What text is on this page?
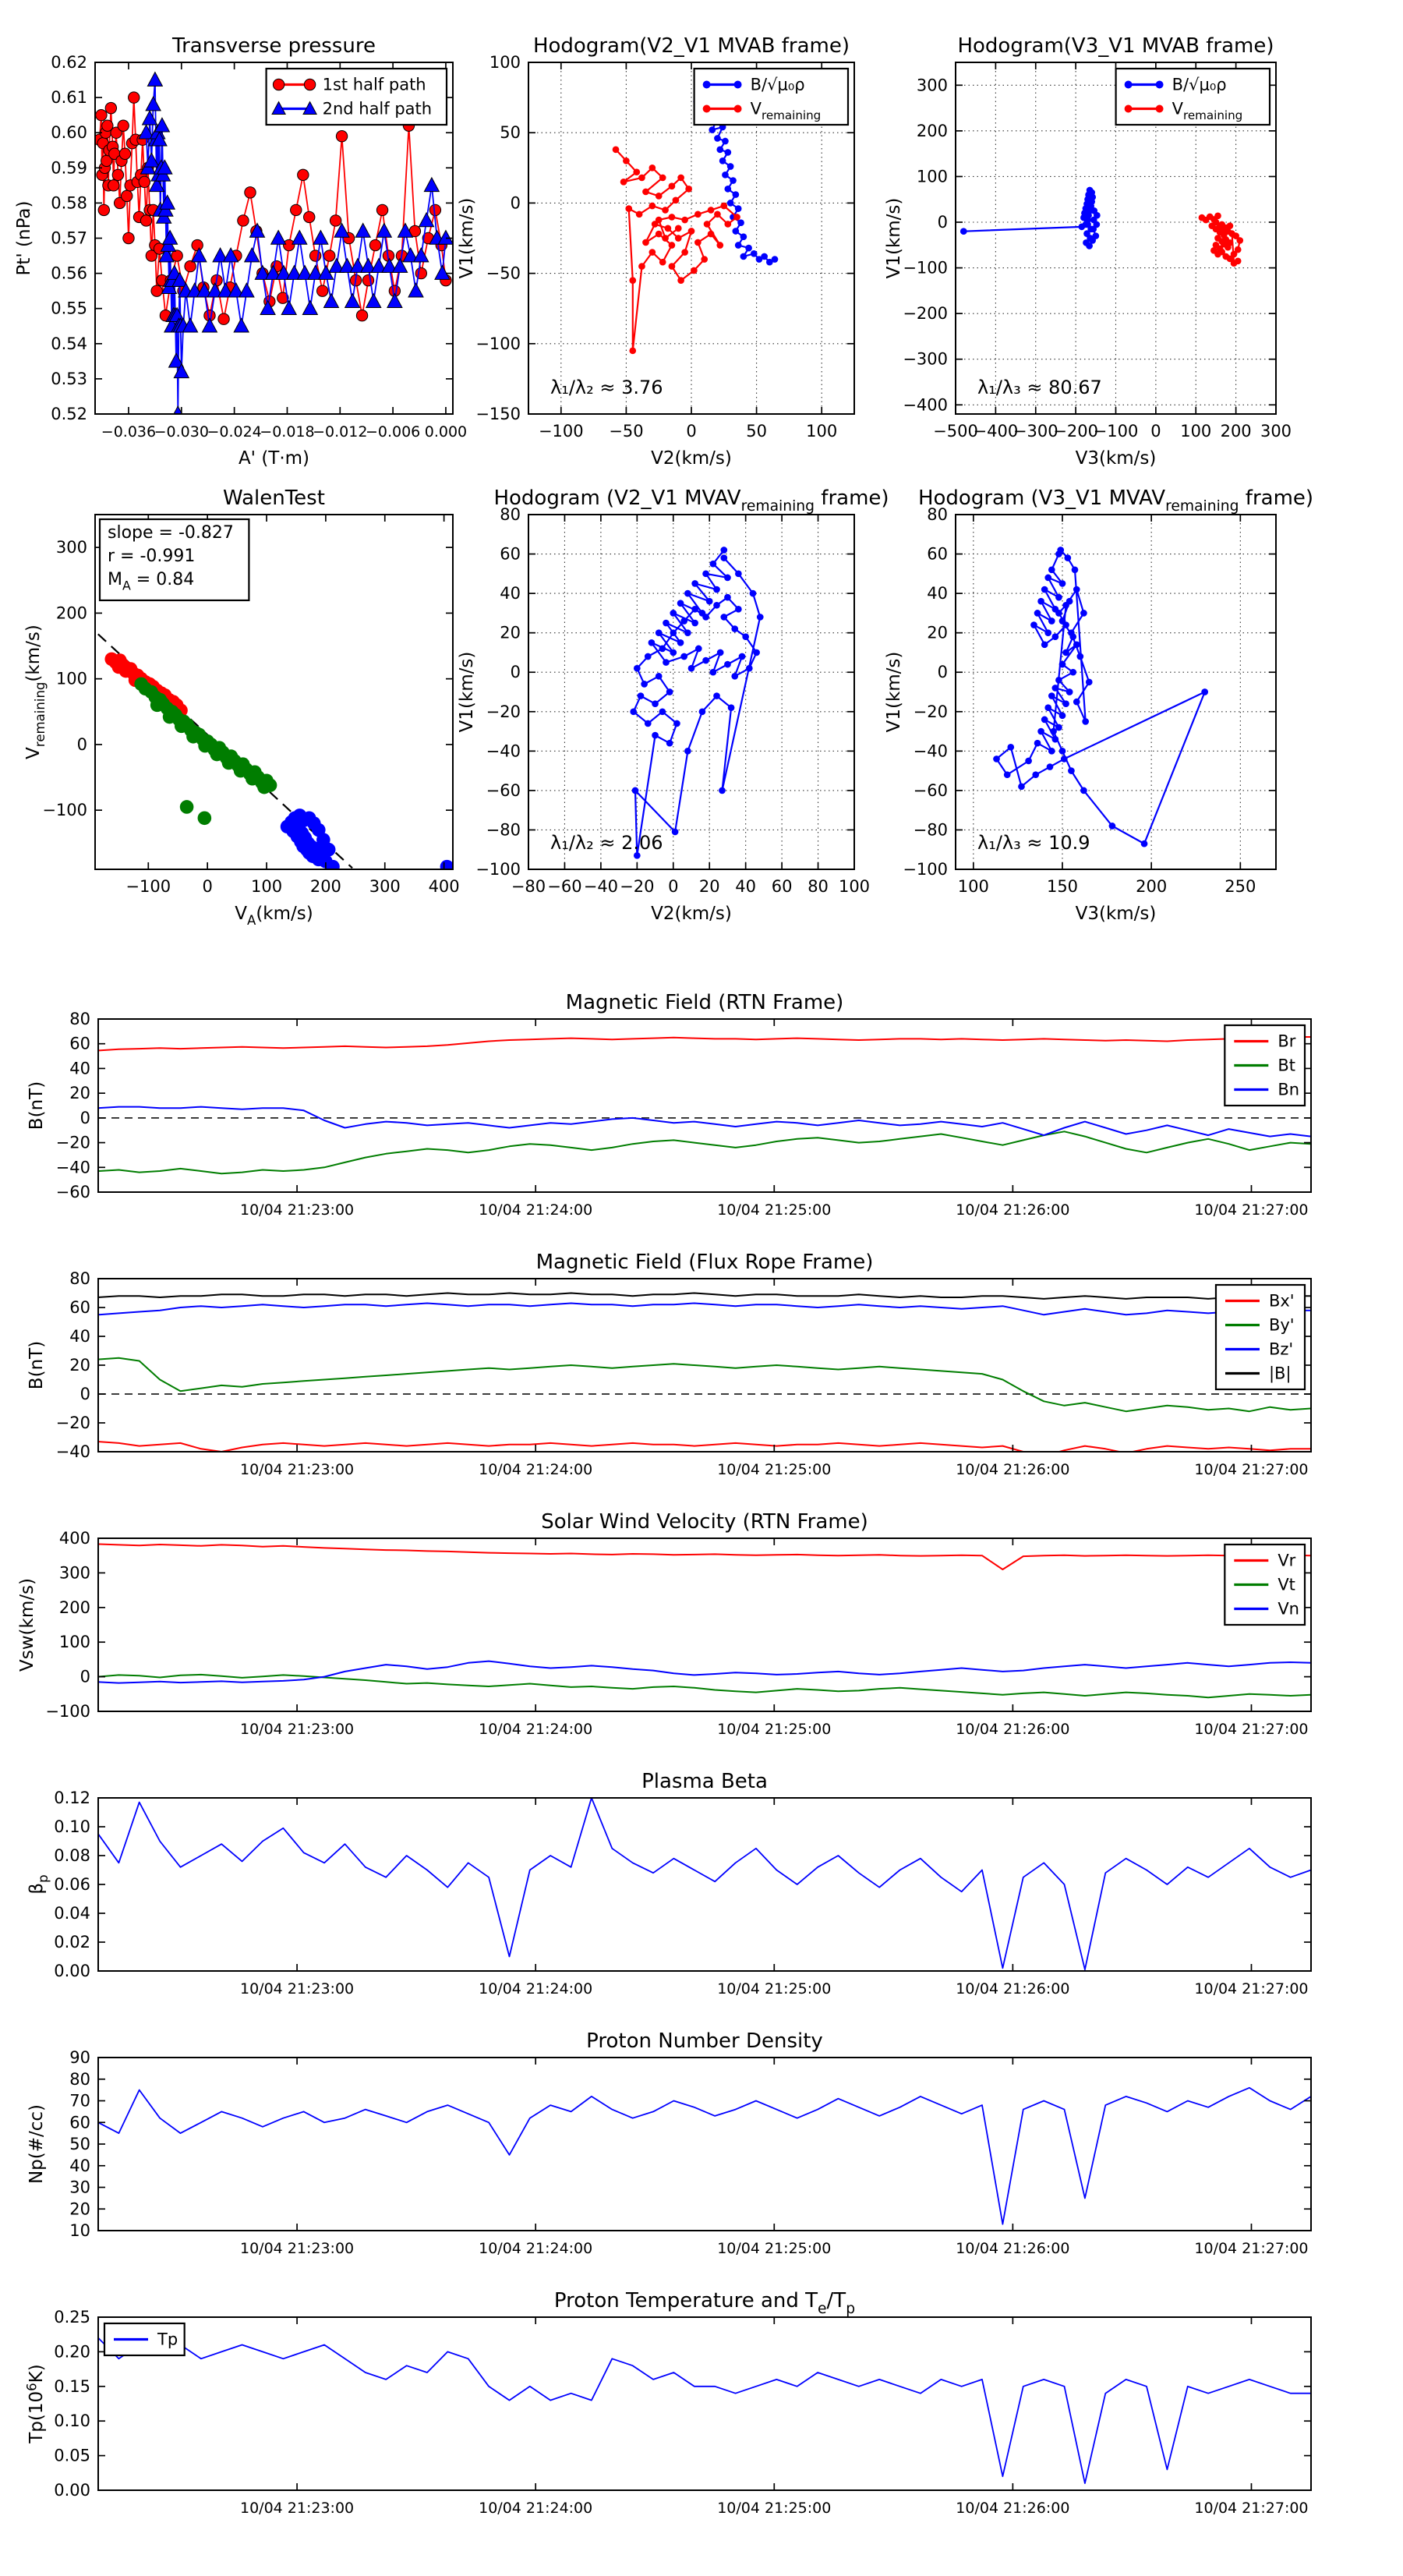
−0.036
−0.030
−0.024
−0.018
−0.012
−0.006 0.000
0.52
0.53
0.54
0.55
0.56
0.57
0.58
0.59
0.60
0.61
0.62
Transverse pressure
A' (T·m)
Pt' (nPa)
1st half path
2nd half path
−100 −50	0	50 100
−150
−100
−50
0
50
100
Hodogram(V2_V1 MVAB frame)
V2(km/s)
V1(km/s)
λ₁/λ₂ ≈ 3.76
B/√μ₀ρ
$V_{remaining}$
−500
−400
−300
−200
−100 0 100 200 300
−400
−300
−200
−100
0
100
200
300
Hodogram(V3_V1 MVAB frame)
V3(km/s)
V1(km/s)
λ₁/λ₃ ≈ 80.67
B/√μ₀ρ
$V_{remaining}$
−100 0 100 200 300 400
−100
0
100
200
300
WalenTest
$V_A(km/s)$
$V_{remaining}(km/s)$
slope = -0.827
r = -0.991
$M_A = 0.84$
−80 −60 −40 −20 0 20 40 60 80 100
−100
−80
−60
−40
−20
0
20
40
60
80
Hodogram (V2_V1 $MVAV_{remaining}$ frame)
V2(km/s)
V1(km/s)
λ₁/λ₂ ≈ 2.06
100	150	200	250
−100
−80
−60
−40
−20
0
20
40
60
80
Hodogram (V3_V1 $MVAV_{remaining}$ frame)
V3(km/s)
V1(km/s)
λ₁/λ₃ ≈ 10.9
10/04 21:23:00	10/04 21:24:00	10/04 21:25:00	10/04 21:26:00	10/04 21:27:00
−60
−40
−20
0
20
40
60
80
Magnetic Field (RTN Frame)
B(nT)
Br
Bt
Bn
10/04 21:23:00	10/04 21:24:00	10/04 21:25:00	10/04 21:26:00	10/04 21:27:00
−40
−20
0
20
40
60
80
Magnetic Field (Flux Rope Frame)
B(nT)
Bx'
By'
Bz'
|B|
10/04 21:23:00	10/04 21:24:00	10/04 21:25:00	10/04 21:26:00	10/04 21:27:00
−100
0
100
200
300
400
Solar Wind Velocity (RTN Frame)
Vsw(km/s)
Vr
Vt
Vn
10/04 21:23:00	10/04 21:24:00	10/04 21:25:00	10/04 21:26:00	10/04 21:27:00
0.00
0.02
0.04
0.06
0.08
0.10
0.12
Plasma Beta
$\beta_p$
10/04 21:23:00	10/04 21:24:00	10/04 21:25:00	10/04 21:26:00	10/04 21:27:00
10
20
30
40
50
60
70
80
90
Proton Number Density
Np(#/cc)
10/04 21:23:00	10/04 21:24:00	10/04 21:25:00	10/04 21:26:00	10/04 21:27:00
0.00
0.05
0.10
0.15
0.20
0.25
Proton Temperature and $T_e/T_p$
$Tp(10^6K)$
Tp
